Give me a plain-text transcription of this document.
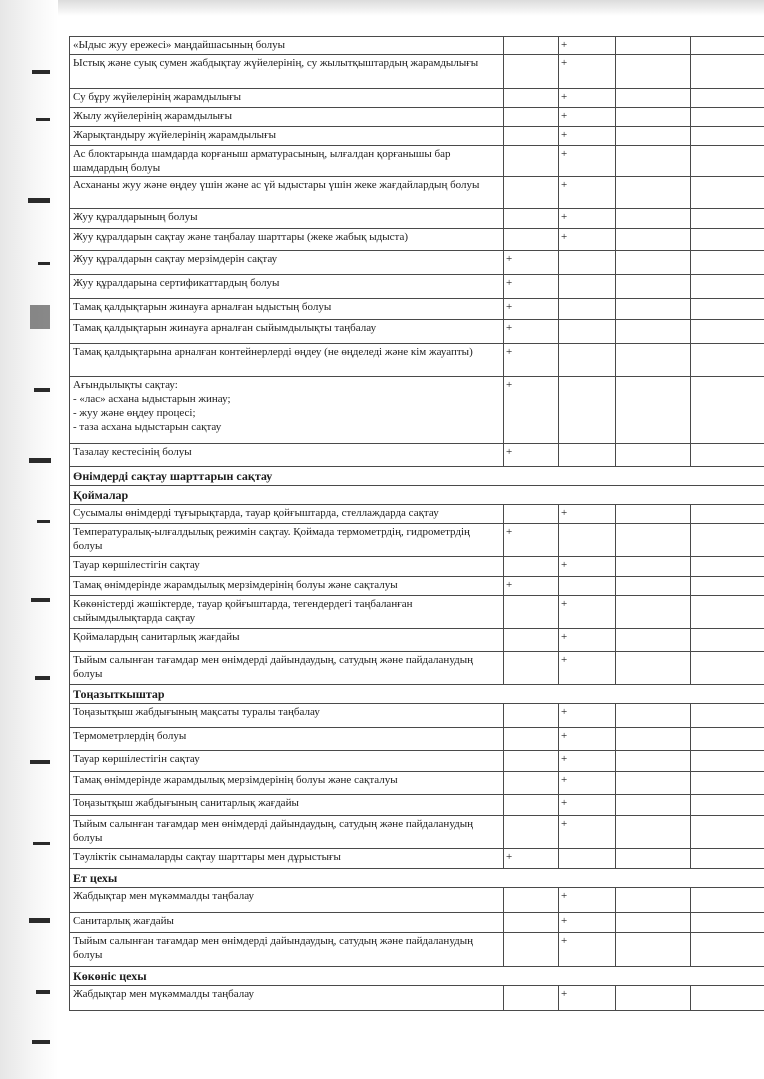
«Ыдыс жуу ережесі» маңдайшасының болуы		+		
Ыстық және суық сумен жабдықтау жүйелерінің, су жылытқыштардың жарамдылығы		+		
Су бұру жүйелерінің жарамдылығы		+		
Жылу жүйелерінің жарамдылығы		+		
Жарықтандыру жүйелерінің жарамдылығы		+		
Ас блоктарында шамдарда корғаныш арматурасының, ылғалдан қорғанышы бар шамдардың болуы		+		
Асхананы жуу және өңдеу үшін және ас үй ыдыстары үшін жеке жағдайлардың болуы		+		
Жуу құралдарының болуы		+		
Жуу құралдарын сақтау және таңбалау шарттары (жеке жабық ыдыста)		+		
Жуу құралдарын сақтау мерзімдерін сақтау	+			
Жуу құралдарына сертификаттардың болуы	+			
Тамақ қалдықтарын жинауға арналған ыдыстың болуы	+			
Тамақ қалдықтарын жинауға арналған сыйымдылықты таңбалау	+			
Тамақ қалдықтарына арналған контейнерлерді өңдеу (не өңделеді және кім жауапты)	+			
Ағындылықты сақтау:
- «лас» асхана ыдыстарын жинау;
- жуу және өңдеу процесі;
- таза асхана ыдыстарын сақтау	+			
Тазалау кестесінің болуы	+			
Өнімдерді сақтау шарттарын сақтау				
Қоймалар				
Сусымалы өнімдерді тұғырықтарда, тауар қойғыштарда, стеллаждарда сақтау		+		
Температуралық-ылғалдылық режимін сақтау. Қоймада термометрдің, гидрометрдің болуы	+			
Тауар көршілестігін сақтау		+		
Тамақ өнімдерінде жарамдылық мерзімдерінің болуы және сақталуы	+			
Көкөністерді жәшіктерде, тауар қойғыштарда, тегендердегі таңбаланған сыйымдылықтарда сақтау		+		
Қоймалардың санитарлық жағдайы		+		
Тыйым салынған тағамдар мен өнімдерді дайындаудың, сатудың және пайдаланудың болуы		+		
Тоңазыткыштар				
Тоңазытқыш жабдығының мақсаты туралы таңбалау		+		
Термометрлердің болуы		+		
Тауар көршілестігін сақтау		+		
Тамақ өнімдерінде жарамдылық мерзімдерінің болуы және сақталуы		+		
Тоңазытқыш жабдығының санитарлық жағдайы		+		
Тыйым салынған тағамдар мен өнімдерді дайындаудың, сатудың және пайдаланудың болуы		+		
Тәуліктік сынамаларды сақтау шарттары мен дұрыстығы	+			
Ет цехы				
Жабдықтар мен мүкәммалды таңбалау		+		
Санитарлық жағдайы		+		
Тыйым салынған тағамдар мен өнімдерді дайындаудың, сатудың және пайдаланудың болуы		+		
Көкөніс цехы				
Жабдықтар мен мүкәммалды таңбалау		+		
